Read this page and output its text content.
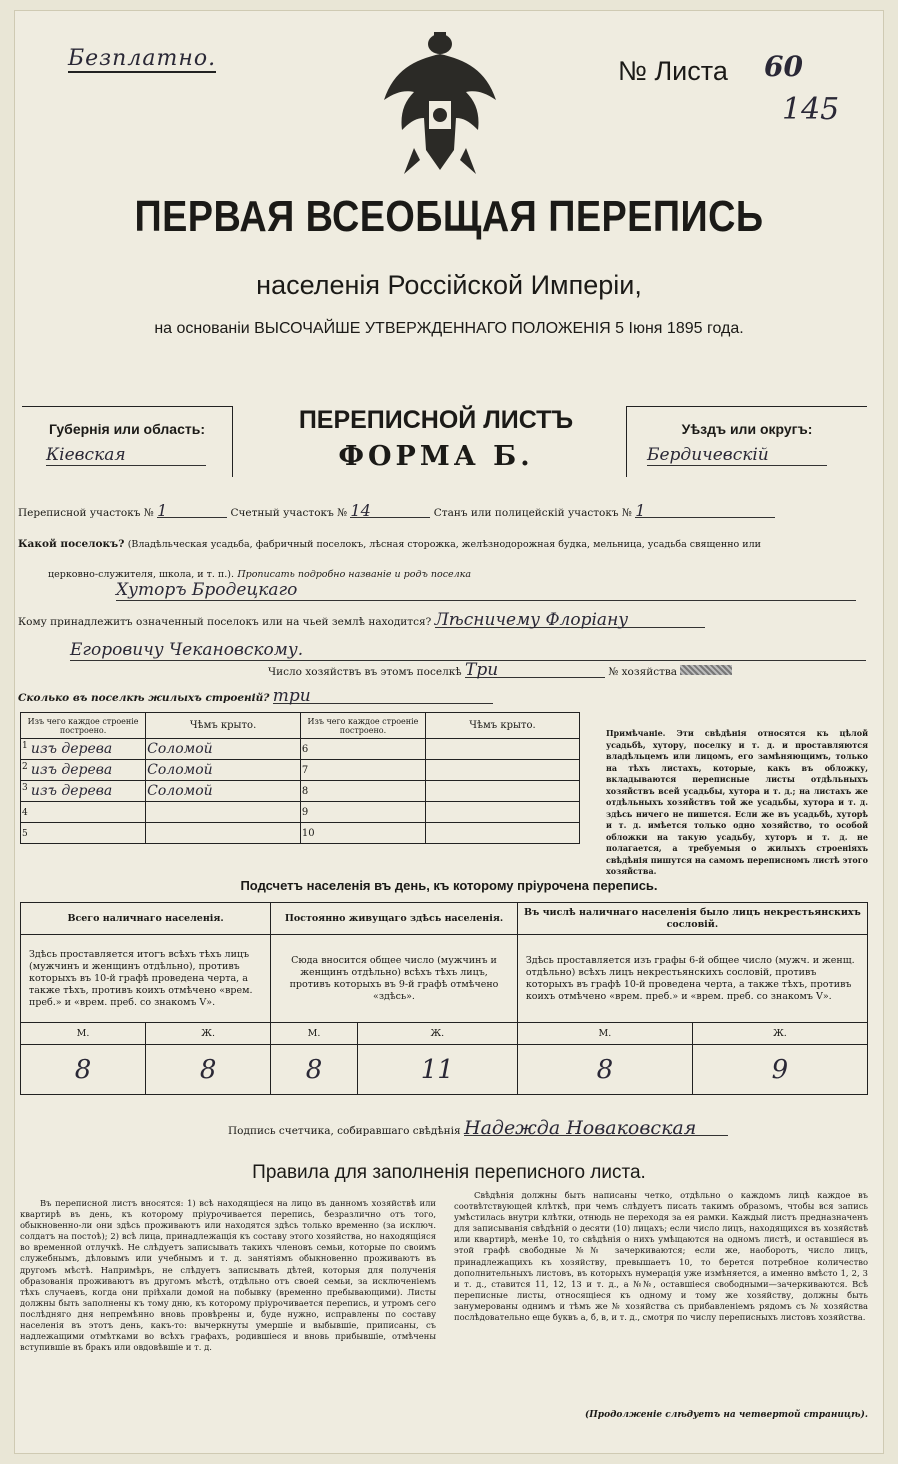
Безплатно.	№ Листа 60
145
ПЕРВАЯ ВСЕОБЩАЯ ПЕРЕПИСЬ
населенія Россійской Имперіи,
на основаніи ВЫСОЧАЙШЕ УТВЕРЖДЕННАГО ПОЛОЖЕНІЯ 5 Іюня 1895 года.
Губернія или область:
Кіевская
ПЕРЕПИСНОЙ ЛИСТЪ
ФОРМА Б.
Уѣздъ или округъ:
Бердичевскій
Переписной участокъ № 1	Счетный участокъ № 14	Станъ или полицейскій участокъ № 1
Какой поселокъ? (Владѣльческая усадьба, фабричный поселокъ, лѣсная сторожка, желѣзнодорожная будка, мельница, усадьба священно или
церковно-служителя, школа, и т. п.). Прописать подробно названіе и родъ поселка
Хуторъ Бродецкаго
Кому принадлежитъ означенный поселокъ или на чьей землѣ находится? Лѣсничему Флоріану
Егоровичу Чекановскому.
Число хозяйствъ въ этомъ поселкѣ Три	№ хозяйства
Сколько въ поселкѣ жилыхъ строеній? три
Изъ чего каждое строеніе построено.	Чѣмъ крыто.	Изъ чего каждое строеніе построено.	Чѣмъ крыто.
1 изъ дерева	Соломой	6	
2 изъ дерева	Соломой	7	
3 изъ дерева	Соломой	8	
4		9	
5		10	
Примѣчаніе. Эти свѣдѣнія относятся къ цѣлой усадьбѣ, хутору, поселку и т. д. и проставляются владѣльцемъ или лицомъ, его замѣняющимъ, только на тѣхъ листахъ, которые, какъ въ обложку, вкладываются переписные листы отдѣльныхъ хозяйствъ всей усадьбы, хутора и т. д.; на листахъ же отдѣльныхъ хозяйствъ той же усадьбы, хутора и т. д. здѣсь ничего не пишется. Если же въ усадьбѣ, хуторѣ и т. д. имѣется только одно хозяйство, то особой обложки на такую усадьбу, хуторъ и т. д. не полагается, а требуемыя о жилыхъ строеніяхъ свѣдѣнія пишутся на самомъ переписномъ листѣ этого хозяйства.
Подсчетъ населенія въ день, къ которому пріурочена перепись.
Всего наличнаго населенія.		Постоянно живущаго здѣсь населенія.		Въ числѣ наличнаго населенія было лицъ некрестьянскихъ сословій.	
Здѣсь проставляется итогъ всѣхъ тѣхъ лицъ (мужчинъ и женщинъ отдѣльно), противъ которыхъ въ 10-й графѣ проведена черта, а также тѣхъ, противъ коихъ отмѣчено «врем. преб.» и «врем. преб. со знакомъ V».		Сюда вносится общее число (мужчинъ и женщинъ отдѣльно) всѣхъ тѣхъ лицъ, противъ которыхъ въ 9-й графѣ отмѣчено «здѣсь».		Здѣсь проставляется изъ графы 6-й общее число (мужч. и женщ. отдѣльно) всѣхъ лицъ некрестьянскихъ сословій, противъ которыхъ въ графѣ 10-й проведена черта, а также тѣхъ, противъ коихъ отмѣчено «врем. преб.» и «врем. преб. со знакомъ V».	
М.	Ж.	М.	Ж.	М.	Ж.
8	8	8	11	8	9
Подпись счетчика, собиравшаго свѣдѣнія Надежда Новаковская
Правила для заполненія переписного листа.
Въ переписной листъ вносятся: 1) всѣ находящіеся на лицо въ данномъ хозяйствѣ или квартирѣ въ день, къ которому пріурочивается перепись, безразлично отъ того, обыкновенно-ли они здѣсь проживаютъ или находятся здѣсь только временно (за исключ. солдатъ на постоѣ); 2) всѣ лица, принадлежащія къ составу этого хозяйства, но находящіяся во временной отлучкѣ. Не слѣдуетъ записывать такихъ членовъ семьи, которые по своимъ служебнымъ, дѣловымъ или учебнымъ и т. д. занятіямъ обыкновенно проживаютъ въ другомъ мѣстѣ. Напримѣръ, не слѣдуетъ записывать дѣтей, которыя для полученія образованія проживаютъ въ другомъ мѣстѣ, отдѣльно отъ своей семьи, за исключеніемъ тѣхъ случаевъ, когда они пріѣхали домой на побывку (временно пребывающими). Листы должны быть заполнены къ тому дню, къ которому пріурочивается перепись, и утромъ сего послѣдняго дня непремѣнно вновь провѣрены и, буде нужно, исправлены по составу населенія въ этотъ день, какъ-то: вычеркнуты умершіе и выбывшіе, приписаны, съ надлежащими отмѣтками во всѣхъ графахъ, родившіеся и вновь прибывшіе, отмѣчены вступившіе въ бракъ или овдовѣвшіе и т. д.
Свѣдѣнія должны быть написаны четко, отдѣльно о каждомъ лицѣ каждое въ соотвѣтствующей клѣткѣ, при чемъ слѣдуетъ писать такимъ образомъ, чтобы вся запись умѣстилась внутри клѣтки, отнюдь не переходя за ея рамки. Каждый листъ предназначенъ для записыванія свѣдѣній о десяти (10) лицахъ; если число лицъ, находящихся въ хозяйствѣ или квартирѣ, менѣе 10, то свѣдѣнія о нихъ умѣщаются на одномъ листѣ, и оставшіеся въ этой графѣ свободные №№ зачеркиваются; если же, наоборотъ, число лицъ, принадлежащихъ къ хозяйству, превышаетъ 10, то берется потребное количество дополнительныхъ листовъ, въ которыхъ нумерація уже измѣняется, а именно вмѣсто 1, 2, 3 и т. д., ставится 11, 12, 13 и т. д., а №№, оставшіеся свободными—зачеркиваются. Всѣ переписные листы, относящіеся къ одному и тому же хозяйству, должны быть занумерованы однимъ и тѣмъ же № хозяйства съ прибавленіемъ рядомъ съ № хозяйства послѣдовательно еще буквъ а, б, в, и т. д., смотря по числу переписныхъ листовъ хозяйства.
(Продолженіе слѣдуетъ на четвертой страницѣ).
